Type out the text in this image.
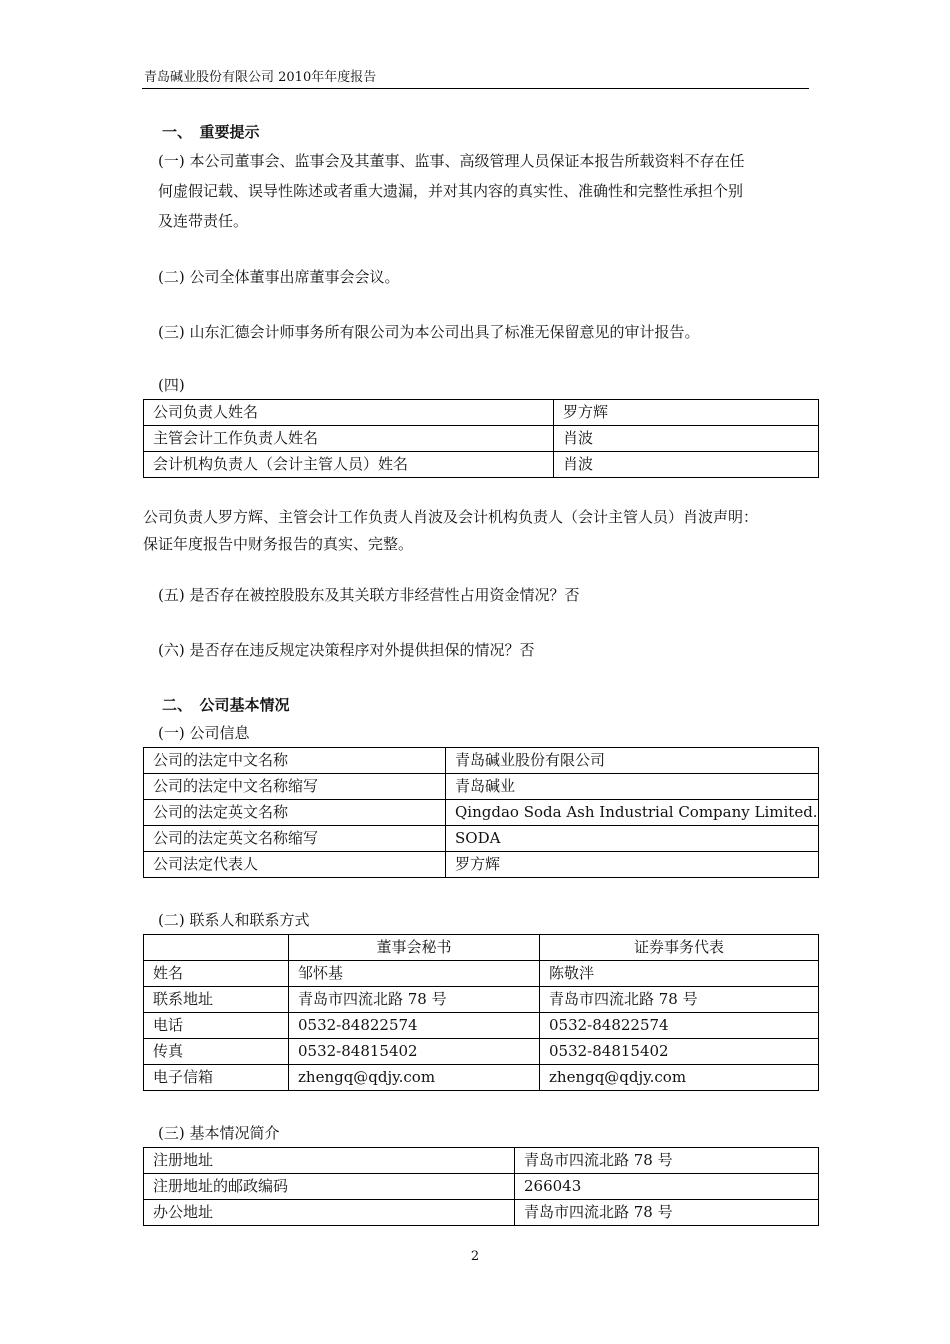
青岛碱业股份有限公司 2010年年度报告
一、　重要提示
(一) 本公司董事会、监事会及其董事、监事、高级管理人员保证本报告所载资料不存在任
何虚假记载、误导性陈述或者重大遗漏，并对其内容的真实性、准确性和完整性承担个别
及连带责任。
(二) 公司全体董事出席董事会会议。
(三) 山东汇德会计师事务所有限公司为本公司出具了标准无保留意见的审计报告。
(四)
公司负责人姓名	罗方辉
主管会计工作负责人姓名	肖波
会计机构负责人（会计主管人员）姓名	肖波
公司负责人罗方辉、主管会计工作负责人肖波及会计机构负责人（会计主管人员）肖波声明：
保证年度报告中财务报告的真实、完整。
(五) 是否存在被控股股东及其关联方非经营性占用资金情况？否
(六) 是否存在违反规定决策程序对外提供担保的情况？否
二、　公司基本情况
(一) 公司信息
公司的法定中文名称	青岛碱业股份有限公司
公司的法定中文名称缩写	青岛碱业
公司的法定英文名称	Qingdao Soda Ash Industrial Company Limited.
公司的法定英文名称缩写	SODA
公司法定代表人	罗方辉
(二) 联系人和联系方式
	董事会秘书	证券事务代表
姓名	邹怀基	陈敬泮
联系地址	青岛市四流北路 78 号	青岛市四流北路 78 号
电话	0532-84822574	0532-84822574
传真	0532-84815402	0532-84815402
电子信箱	zhengq@qdjy.com	zhengq@qdjy.com
(三) 基本情况简介
注册地址	青岛市四流北路 78 号
注册地址的邮政编码	266043
办公地址	青岛市四流北路 78 号
2
